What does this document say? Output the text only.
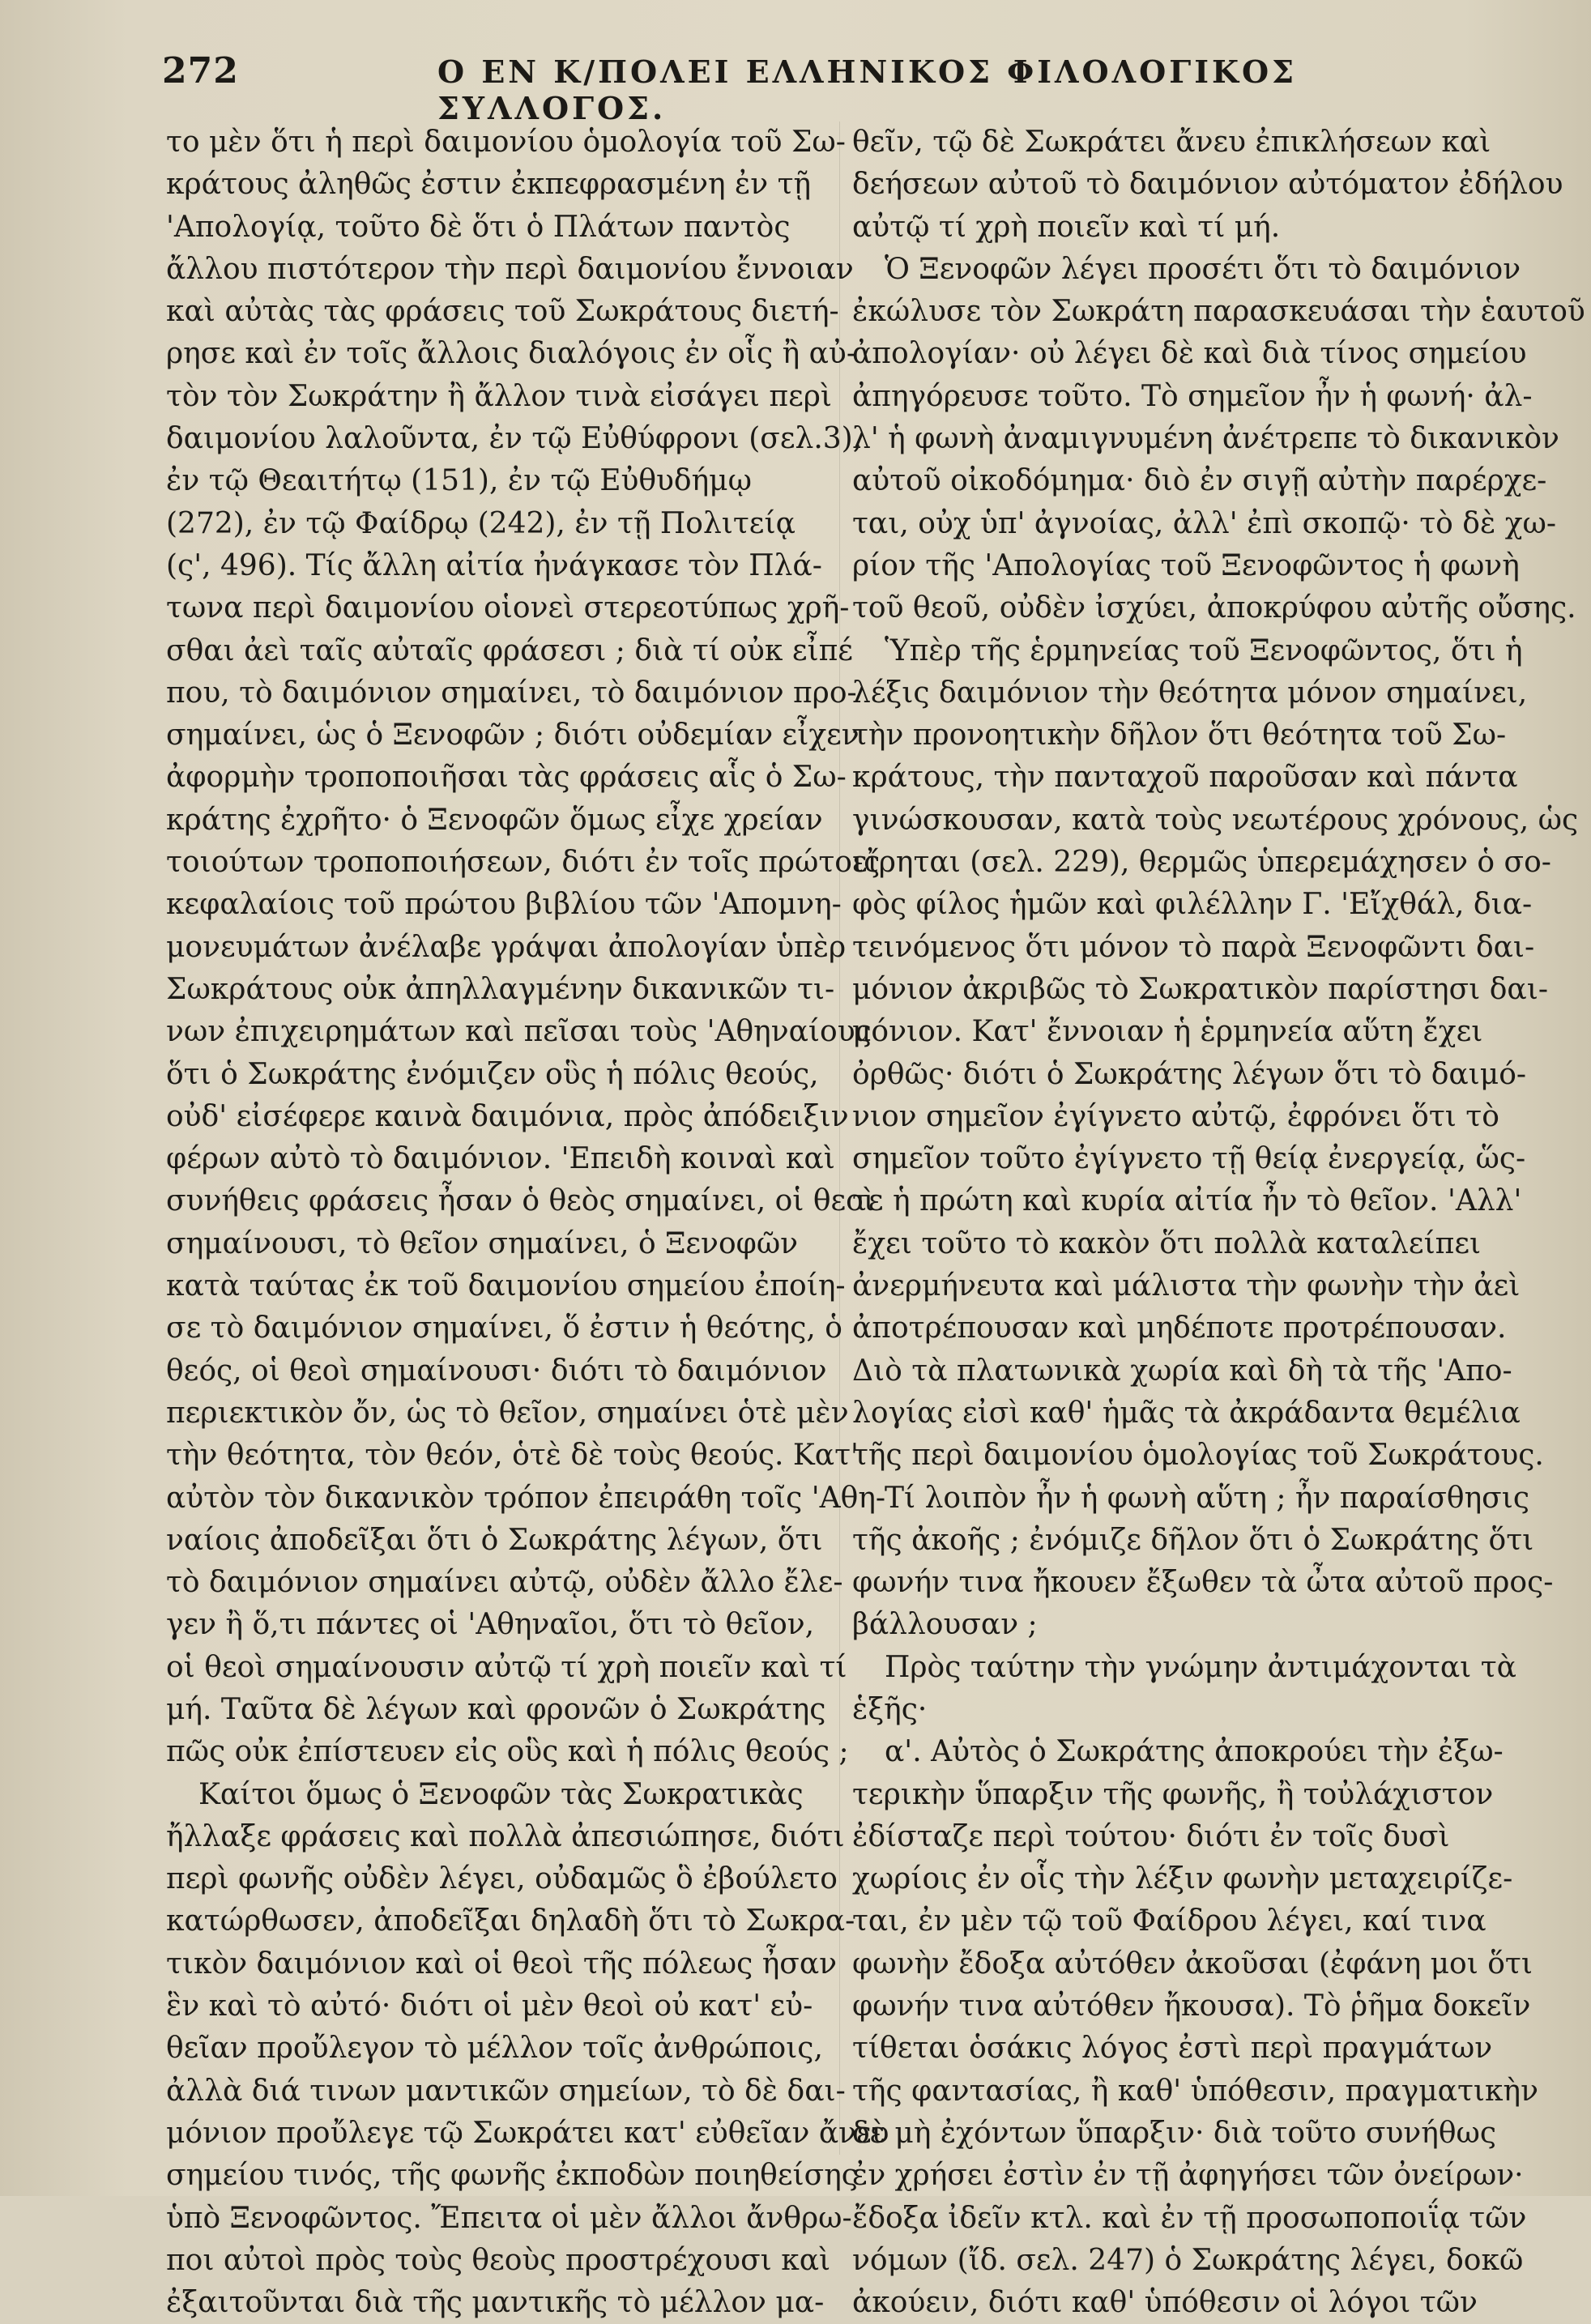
272	Ο ΕΝ Κ/ΠΟΛΕΙ ΕΛΛΗΝΙΚΟΣ ΦΙΛΟΛΟΓΙΚΟΣ ΣΥΛΛΟΓΟΣ.
το μὲν ὅτι ἡ περὶ δαιμονίου ὁμολογία τοῦ Σω-
κράτους ἀληθῶς ἐστιν ἐκπεφρασμένη ἐν τῇ
'Απολογίᾳ, τοῦτο δὲ ὅτι ὁ Πλάτων παντὸς
ἄλλου πιστότερον τὴν περὶ δαιμονίου ἔννοιαν
καὶ αὐτὰς τὰς φράσεις τοῦ Σωκράτους διετή-
ρησε καὶ ἐν τοῖς ἄλλοις διαλόγοις ἐν οἷς ἢ αὐ-
τὸν τὸν Σωκράτην ἢ ἄλλον τινὰ εἰσάγει περὶ
δαιμονίου λαλοῦντα, ἐν τῷ Εὐθύφρονι (σελ.3),
ἐν τῷ Θεαιτήτῳ (151), ἐν τῷ Εὐθυδήμῳ
(272), ἐν τῷ Φαίδρῳ (242), ἐν τῇ Πολιτείᾳ
(ς', 496). Τίς ἄλλη αἰτία ἠνάγκασε τὸν Πλά-
τωνα περὶ δαιμονίου οἱονεὶ στερεοτύπως χρῆ-
σθαι ἀεὶ ταῖς αὐταῖς φράσεσι ; διὰ τί οὐκ εἶπέ
που, τὸ δαιμόνιον σημαίνει, τὸ δαιμόνιον προ-
σημαίνει, ὡς ὁ Ξενοφῶν ; διότι οὐδεμίαν εἶχεν
ἀφορμὴν τροποποιῆσαι τὰς φράσεις αἷς ὁ Σω-
κράτης ἐχρῆτο· ὁ Ξενοφῶν ὅμως εἶχε χρείαν
τοιούτων τροποποιήσεων, διότι ἐν τοῖς πρώτοις
κεφαλαίοις τοῦ πρώτου βιβλίου τῶν 'Απομνη-
μονευμάτων ἀνέλαβε γράψαι ἀπολογίαν ὑπὲρ
Σωκράτους οὐκ ἀπηλλαγμένην δικανικῶν τι-
νων ἐπιχειρημάτων καὶ πεῖσαι τοὺς 'Αθηναίους
ὅτι ὁ Σωκράτης ἐνόμιζεν οὓς ἡ πόλις θεούς,
οὐδ' εἰσέφερε καινὰ δαιμόνια, πρὸς ἀπόδειξιν
φέρων αὐτὸ τὸ δαιμόνιον. 'Επειδὴ κοιναὶ καὶ
συνήθεις φράσεις ἦσαν ὁ θεὸς σημαίνει, οἱ θεοὶ
σημαίνουσι, τὸ θεῖον σημαίνει, ὁ Ξενοφῶν
κατὰ ταύτας ἐκ τοῦ δαιμονίου σημείου ἐποίη-
σε τὸ δαιμόνιον σημαίνει, ὅ ἐστιν ἡ θεότης, ὁ
θεός, οἱ θεοὶ σημαίνουσι· διότι τὸ δαιμόνιον
περιεκτικὸν ὄν, ὡς τὸ θεῖον, σημαίνει ὁτὲ μὲν
τὴν θεότητα, τὸν θεόν, ὁτὲ δὲ τοὺς θεούς. Κατ'
αὐτὸν τὸν δικανικὸν τρόπον ἐπειράθη τοῖς 'Αθη-
ναίοις ἀποδεῖξαι ὅτι ὁ Σωκράτης λέγων, ὅτι
τὸ δαιμόνιον σημαίνει αὐτῷ, οὐδὲν ἄλλο ἔλε-
γεν ἢ ὅ,τι πάντες οἱ 'Αθηναῖοι, ὅτι τὸ θεῖον,
οἱ θεοὶ σημαίνουσιν αὐτῷ τί χρὴ ποιεῖν καὶ τί
μή. Ταῦτα δὲ λέγων καὶ φρονῶν ὁ Σωκράτης
πῶς οὐκ ἐπίστευεν εἰς οὓς καὶ ἡ πόλις θεούς ;
Καίτοι ὅμως ὁ Ξενοφῶν τὰς Σωκρατικὰς
ἤλλαξε φράσεις καὶ πολλὰ ἀπεσιώπησε, διότι
περὶ φωνῆς οὐδὲν λέγει, οὐδαμῶς ὃ ἐβούλετο
κατώρθωσεν, ἀποδεῖξαι δηλαδὴ ὅτι τὸ Σωκρα-
τικὸν δαιμόνιον καὶ οἱ θεοὶ τῆς πόλεως ἦσαν
ἓν καὶ τὸ αὐτό· διότι οἱ μὲν θεοὶ οὐ κατ' εὐ-
θεῖαν προὔλεγον τὸ μέλλον τοῖς ἀνθρώποις,
ἀλλὰ διά τινων μαντικῶν σημείων, τὸ δὲ δαι-
μόνιον προὔλεγε τῷ Σωκράτει κατ' εὐθεῖαν ἄνευ
σημείου τινός, τῆς φωνῆς ἐκποδὼν ποιηθείσης
ὑπὸ Ξενοφῶντος. Ἔπειτα οἱ μὲν ἄλλοι ἄνθρω-
ποι αὐτοὶ πρὸς τοὺς θεοὺς προστρέχουσι καὶ
ἐξαιτοῦνται διὰ τῆς μαντικῆς τὸ μέλλον μα-
θεῖν, τῷ δὲ Σωκράτει ἄνευ ἐπικλήσεων καὶ
δεήσεων αὐτοῦ τὸ δαιμόνιον αὐτόματον ἐδήλου
αὐτῷ τί χρὴ ποιεῖν καὶ τί μή.
Ὁ Ξενοφῶν λέγει προσέτι ὅτι τὸ δαιμόνιον
ἐκώλυσε τὸν Σωκράτη παρασκευάσαι τὴν ἑαυτοῦ
ἀπολογίαν· οὐ λέγει δὲ καὶ διὰ τίνος σημείου
ἀπηγόρευσε τοῦτο. Τὸ σημεῖον ἦν ἡ φωνή· ἀλ-
λ' ἡ φωνὴ ἀναμιγνυμένη ἀνέτρεπε τὸ δικανικὸν
αὐτοῦ οἰκοδόμημα· διὸ ἐν σιγῇ αὐτὴν παρέρχε-
ται, οὐχ ὑπ' ἀγνοίας, ἀλλ' ἐπὶ σκοπῷ· τὸ δὲ χω-
ρίον τῆς 'Απολογίας τοῦ Ξενοφῶντος ἡ φωνὴ
τοῦ θεοῦ, οὐδὲν ἰσχύει, ἀποκρύφου αὐτῆς οὔσης.
Ὑπὲρ τῆς ἑρμηνείας τοῦ Ξενοφῶντος, ὅτι ἡ
λέξις δαιμόνιον τὴν θεότητα μόνον σημαίνει,
τὴν προνοητικὴν δῆλον ὅτι θεότητα τοῦ Σω-
κράτους, τὴν πανταχοῦ παροῦσαν καὶ πάντα
γινώσκουσαν, κατὰ τοὺς νεωτέρους χρόνους, ὡς
εἴρηται (σελ. 229), θερμῶς ὑπερεμάχησεν ὁ σο-
φὸς φίλος ἡμῶν καὶ φιλέλλην Γ. 'Εἴχθάλ, δια-
τεινόμενος ὅτι μόνον τὸ παρὰ Ξενοφῶντι δαι-
μόνιον ἀκριβῶς τὸ Σωκρατικὸν παρίστησι δαι-
μόνιον. Κατ' ἔννοιαν ἡ ἑρμηνεία αὕτη ἔχει
ὀρθῶς· διότι ὁ Σωκράτης λέγων ὅτι τὸ δαιμό-
νιον σημεῖον ἐγίγνετο αὐτῷ, ἐφρόνει ὅτι τὸ
σημεῖον τοῦτο ἐγίγνετο τῇ θείᾳ ἐνεργείᾳ, ὥς-
τε ἡ πρώτη καὶ κυρία αἰτία ἦν τὸ θεῖον. 'Αλλ'
ἔχει τοῦτο τὸ κακὸν ὅτι πολλὰ καταλείπει
ἀνερμήνευτα καὶ μάλιστα τὴν φωνὴν τὴν ἀεὶ
ἀποτρέπουσαν καὶ μηδέποτε προτρέπουσαν.
Διὸ τὰ πλατωνικὰ χωρία καὶ δὴ τὰ τῆς 'Απο-
λογίας εἰσὶ καθ' ἡμᾶς τὰ ἀκράδαντα θεμέλια
τῆς περὶ δαιμονίου ὁμολογίας τοῦ Σωκράτους.
Τί λοιπὸν ἦν ἡ φωνὴ αὕτη ; ἦν παραίσθησις
τῆς ἀκοῆς ; ἐνόμιζε δῆλον ὅτι ὁ Σωκράτης ὅτι
φωνήν τινα ἤκουεν ἔξωθεν τὰ ὦτα αὐτοῦ προς-
βάλλουσαν ;
Πρὸς ταύτην τὴν γνώμην ἀντιμάχονται τὰ
ἑξῆς·
α'. Αὐτὸς ὁ Σωκράτης ἀποκρούει τὴν ἐξω-
τερικὴν ὕπαρξιν τῆς φωνῆς, ἢ τοὐλάχιστον
ἐδίσταζε περὶ τούτου· διότι ἐν τοῖς δυσὶ
χωρίοις ἐν οἷς τὴν λέξιν φωνὴν μεταχειρίζε-
ται, ἐν μὲν τῷ τοῦ Φαίδρου λέγει, καί τινα
φωνὴν ἔδοξα αὐτόθεν ἀκοῦσαι (ἐφάνη μοι ὅτι
φωνήν τινα αὐτόθεν ἤκουσα). Τὸ ῥῆμα δοκεῖν
τίθεται ὁσάκις λόγος ἐστὶ περὶ πραγμάτων
τῆς φαντασίας, ἢ καθ' ὑπόθεσιν, πραγματικὴν
δὲ μὴ ἐχόντων ὕπαρξιν· διὰ τοῦτο συνήθως
ἐν χρήσει ἐστὶν ἐν τῇ ἀφηγήσει τῶν ὀνείρων·
ἔδοξα ἰδεῖν κτλ. καὶ ἐν τῇ προσωποποιΐᾳ τῶν
νόμων (ἴδ. σελ. 247) ὁ Σωκράτης λέγει, δοκῶ
ἀκούειν, διότι καθ' ὑπόθεσιν οἱ λόγοι τῶν
